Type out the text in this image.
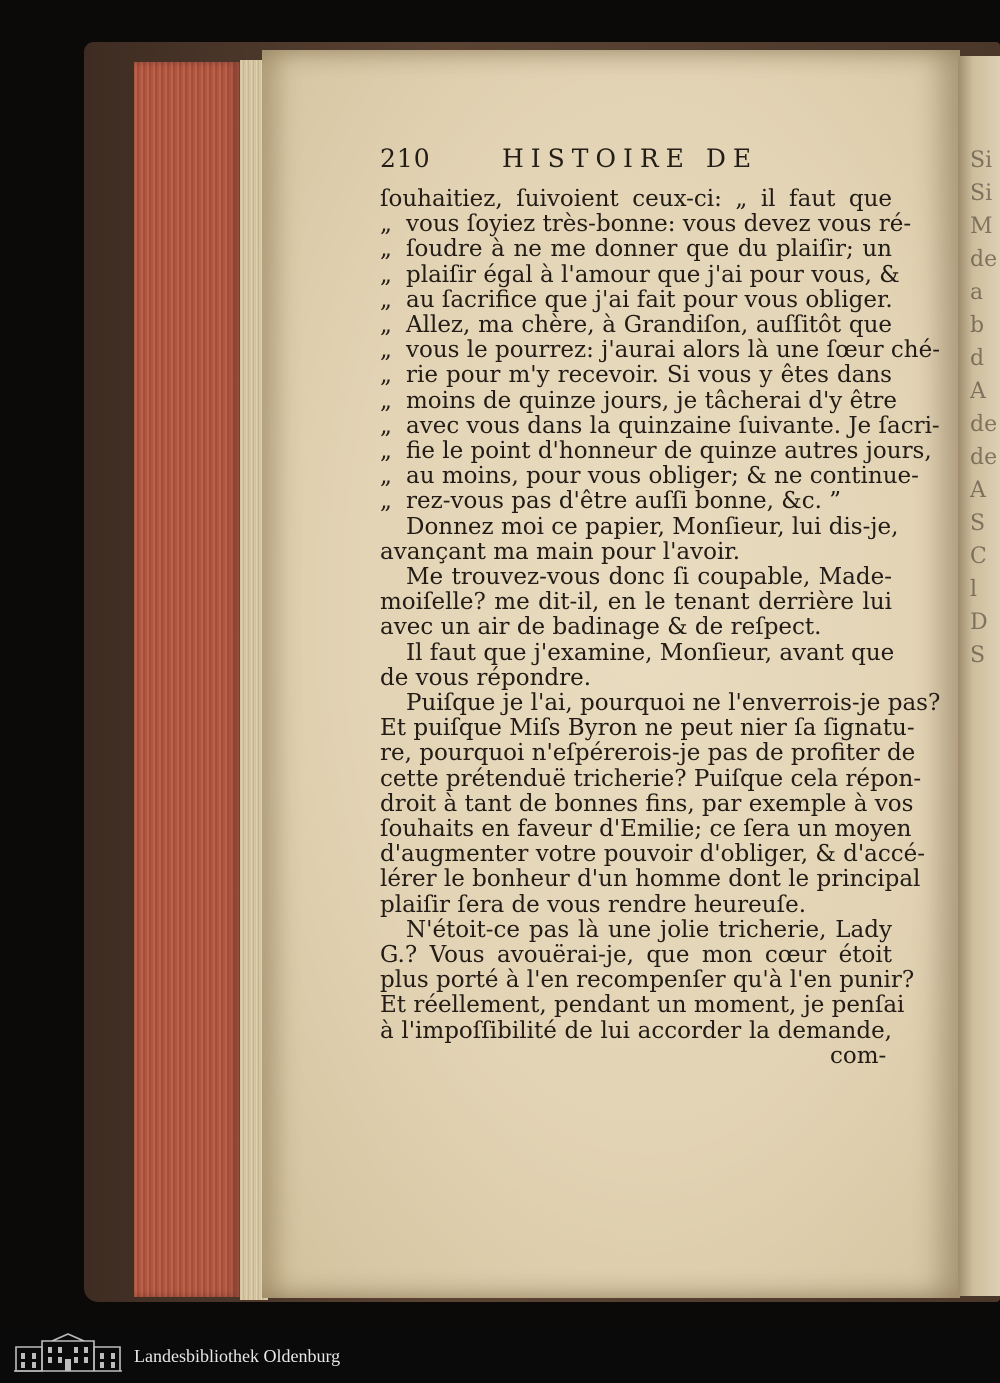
Si
Si
M
de
a
b
d
A
de
de
A
S
C
l
D
S
210	HISTOIRE DE
ſouhaitiez, ſuivoient ceux-ci: „ il faut que
vous ſoyiez très-bonne: vous devez vous ré-
„
ſoudre à ne me donner que du plaiſir; un
„
plaiſir égal à l'amour que j'ai pour vous, &
„
au ſacrifice que j'ai fait pour vous obliger.
„
Allez, ma chère, à Grandiſon, auſſitôt que
„
vous le pourrez: j'aurai alors là une ſœur ché-
„
rie pour m'y recevoir. Si vous y êtes dans
„
moins de quinze jours, je tâcherai d'y être
„
avec vous dans la quinzaine ſuivante. Je ſacri-
„
fie le point d'honneur de quinze autres jours,
„
au moins, pour vous obliger; & ne continue-
„
rez-vous pas d'être auſſi bonne, &c. ”
„
Donnez moi ce papier, Monſieur, lui dis-je,
avançant ma main pour l'avoir.
Me trouvez-vous donc ſi coupable, Made-
moiſelle? me dit-il, en le tenant derrière lui
avec un air de badinage & de reſpect.
Il faut que j'examine, Monſieur, avant que
de vous répondre.
Puiſque je l'ai, pourquoi ne l'enverrois-je pas?
Et puiſque Miſs Byron ne peut nier ſa ſignatu-
re, pourquoi n'eſpérerois-je pas de profiter de
cette prétenduë tricherie? Puiſque cela répon-
droit à tant de bonnes fins, par exemple à vos
ſouhaits en faveur d'Emilie; ce ſera un moyen
d'augmenter votre pouvoir d'obliger, & d'accé-
lérer le bonheur d'un homme dont le principal
plaiſir ſera de vous rendre heureuſe.
N'étoit-ce pas là une jolie tricherie, Lady
G.? Vous avouërai-je, que mon cœur étoit
plus porté à l'en recompenſer qu'à l'en punir?
Et réellement, pendant un moment, je penſai
à l'impoſſibilité de lui accorder la demande,
com-
Landesbibliothek Oldenburg
